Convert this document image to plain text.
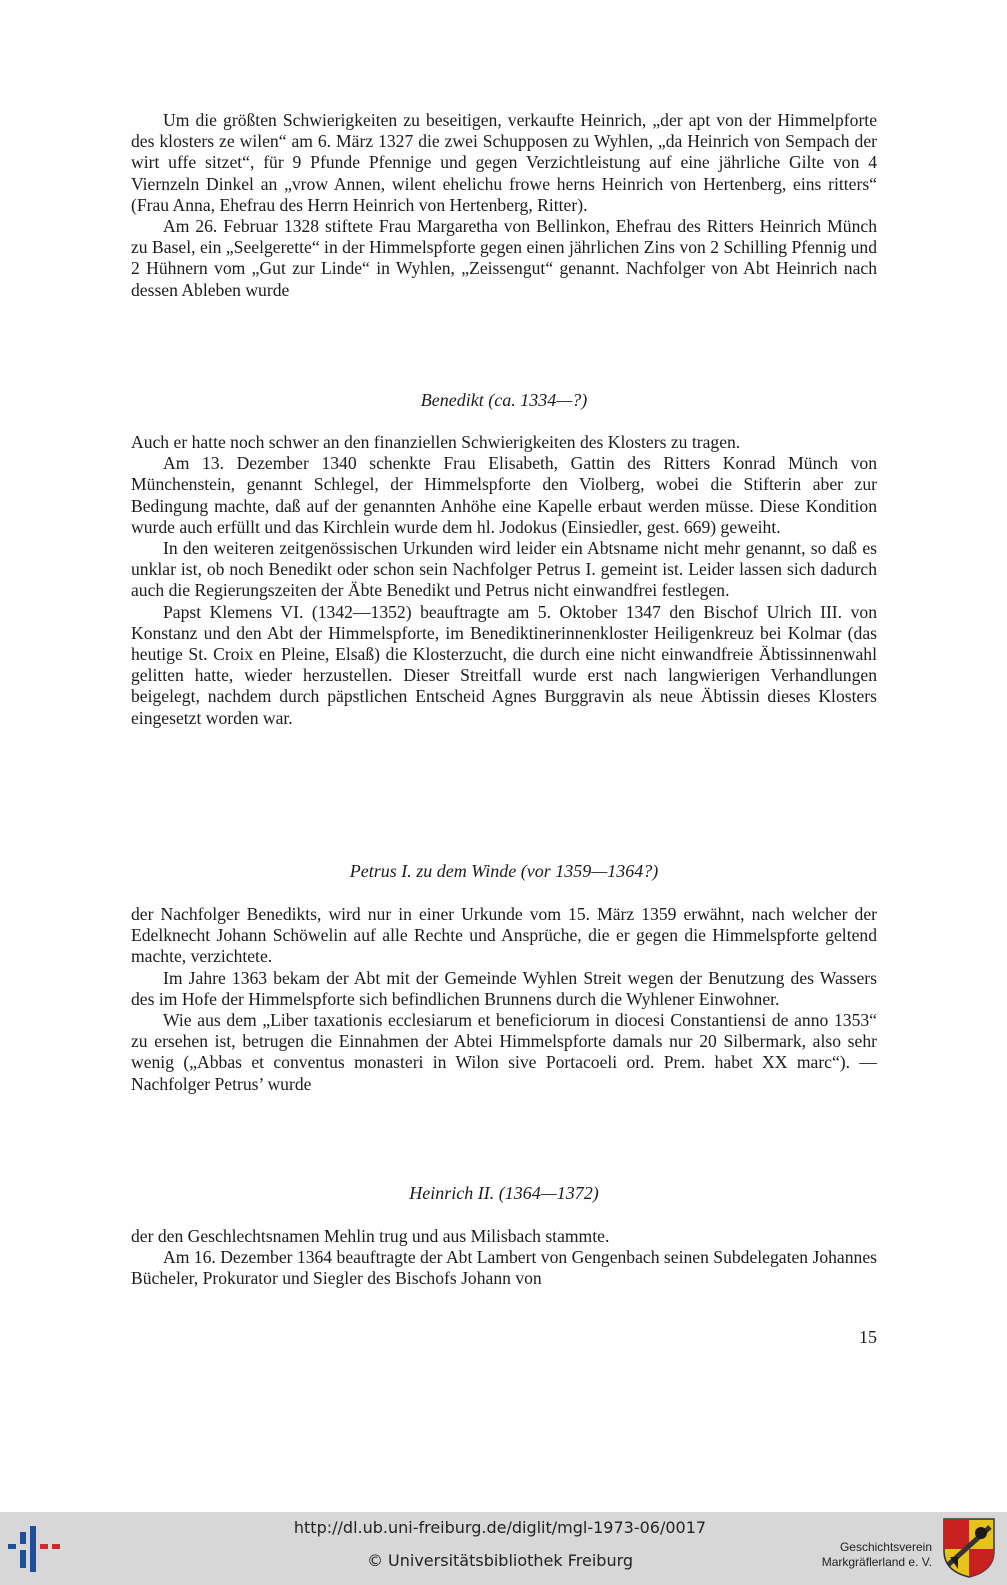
Um die größten Schwierigkeiten zu beseitigen, verkaufte Heinrich, „der apt von der Himmelpforte des klosters ze wilen“ am 6. März 1327 die zwei Schupposen zu Wyhlen, „da Heinrich von Sempach der wirt uffe sitzet“, für 9 Pfunde Pfennige und gegen Verzichtleistung auf eine jährliche Gilte von 4 Viernzeln Dinkel an „vrow Annen, wilent ehelichu frowe herns Heinrich von Hertenberg, eins ritters“ (Frau Anna, Ehefrau des Herrn Heinrich von Hertenberg, Ritter).

Am 26. Februar 1328 stiftete Frau Margaretha von Bellinkon, Ehefrau des Ritters Heinrich Münch zu Basel, ein „Seelgerette“ in der Himmelspforte gegen einen jährlichen Zins von 2 Schilling Pfennig und 2 Hühnern vom „Gut zur Linde“ in Wyhlen, „Zeissengut“ genannt. Nachfolger von Abt Heinrich nach dessen Ableben wurde

Benedikt (ca. 1334—?)

Auch er hatte noch schwer an den finanziellen Schwierigkeiten des Klosters zu tragen.

Am 13. Dezember 1340 schenkte Frau Elisabeth, Gattin des Ritters Konrad Münch von Münchenstein, genannt Schlegel, der Himmelspforte den Violberg, wobei die Stifterin aber zur Bedingung machte, daß auf der genannten Anhöhe eine Kapelle erbaut werden müsse. Diese Kondition wurde auch erfüllt und das Kirchlein wurde dem hl. Jodokus (Einsiedler, gest. 669) geweiht.

In den weiteren zeitgenössischen Urkunden wird leider ein Abtsname nicht mehr genannt, so daß es unklar ist, ob noch Benedikt oder schon sein Nachfolger Petrus I. gemeint ist. Leider lassen sich dadurch auch die Regierungszeiten der Äbte Benedikt und Petrus nicht einwandfrei festlegen.

Papst Klemens VI. (1342—1352) beauftragte am 5. Oktober 1347 den Bischof Ulrich III. von Konstanz und den Abt der Himmelspforte, im Benediktinerinnenkloster Heiligenkreuz bei Kolmar (das heutige St. Croix en Pleine, Elsaß) die Klosterzucht, die durch eine nicht einwandfreie Äbtissinnenwahl gelitten hatte, wieder herzustellen. Dieser Streitfall wurde erst nach langwierigen Verhandlungen beigelegt, nachdem durch päpstlichen Entscheid Agnes Burggravin als neue Äbtissin dieses Klosters eingesetzt worden war.

Petrus I. zu dem Winde (vor 1359—1364?)

der Nachfolger Benedikts, wird nur in einer Urkunde vom 15. März 1359 erwähnt, nach welcher der Edelknecht Johann Schöwelin auf alle Rechte und Ansprüche, die er gegen die Himmelspforte geltend machte, verzichtete.

Im Jahre 1363 bekam der Abt mit der Gemeinde Wyhlen Streit wegen der Benutzung des Wassers des im Hofe der Himmelspforte sich befindlichen Brunnens durch die Wyhlener Einwohner.

Wie aus dem „Liber taxationis ecclesiarum et beneficiorum in diocesi Constantiensi de anno 1353“ zu ersehen ist, betrugen die Einnahmen der Abtei Himmelspforte damals nur 20 Silbermark, also sehr wenig („Abbas et conventus monasteri in Wilon sive Portacoeli ord. Prem. habet XX marc“). — Nachfolger Petrus’ wurde

Heinrich II. (1364—1372)

der den Geschlechtsnamen Mehlin trug und aus Milisbach stammte.

Am 16. Dezember 1364 beauftragte der Abt Lambert von Gengenbach seinen Subdelegaten Johannes Bücheler, Prokurator und Siegler des Bischofs Johann von

15
http://dl.ub.uni-freiburg.de/diglit/mgl-1973-06/0017
© Universitätsbibliothek Freiburg
Geschichtsverein
Markgräflerland e. V.
